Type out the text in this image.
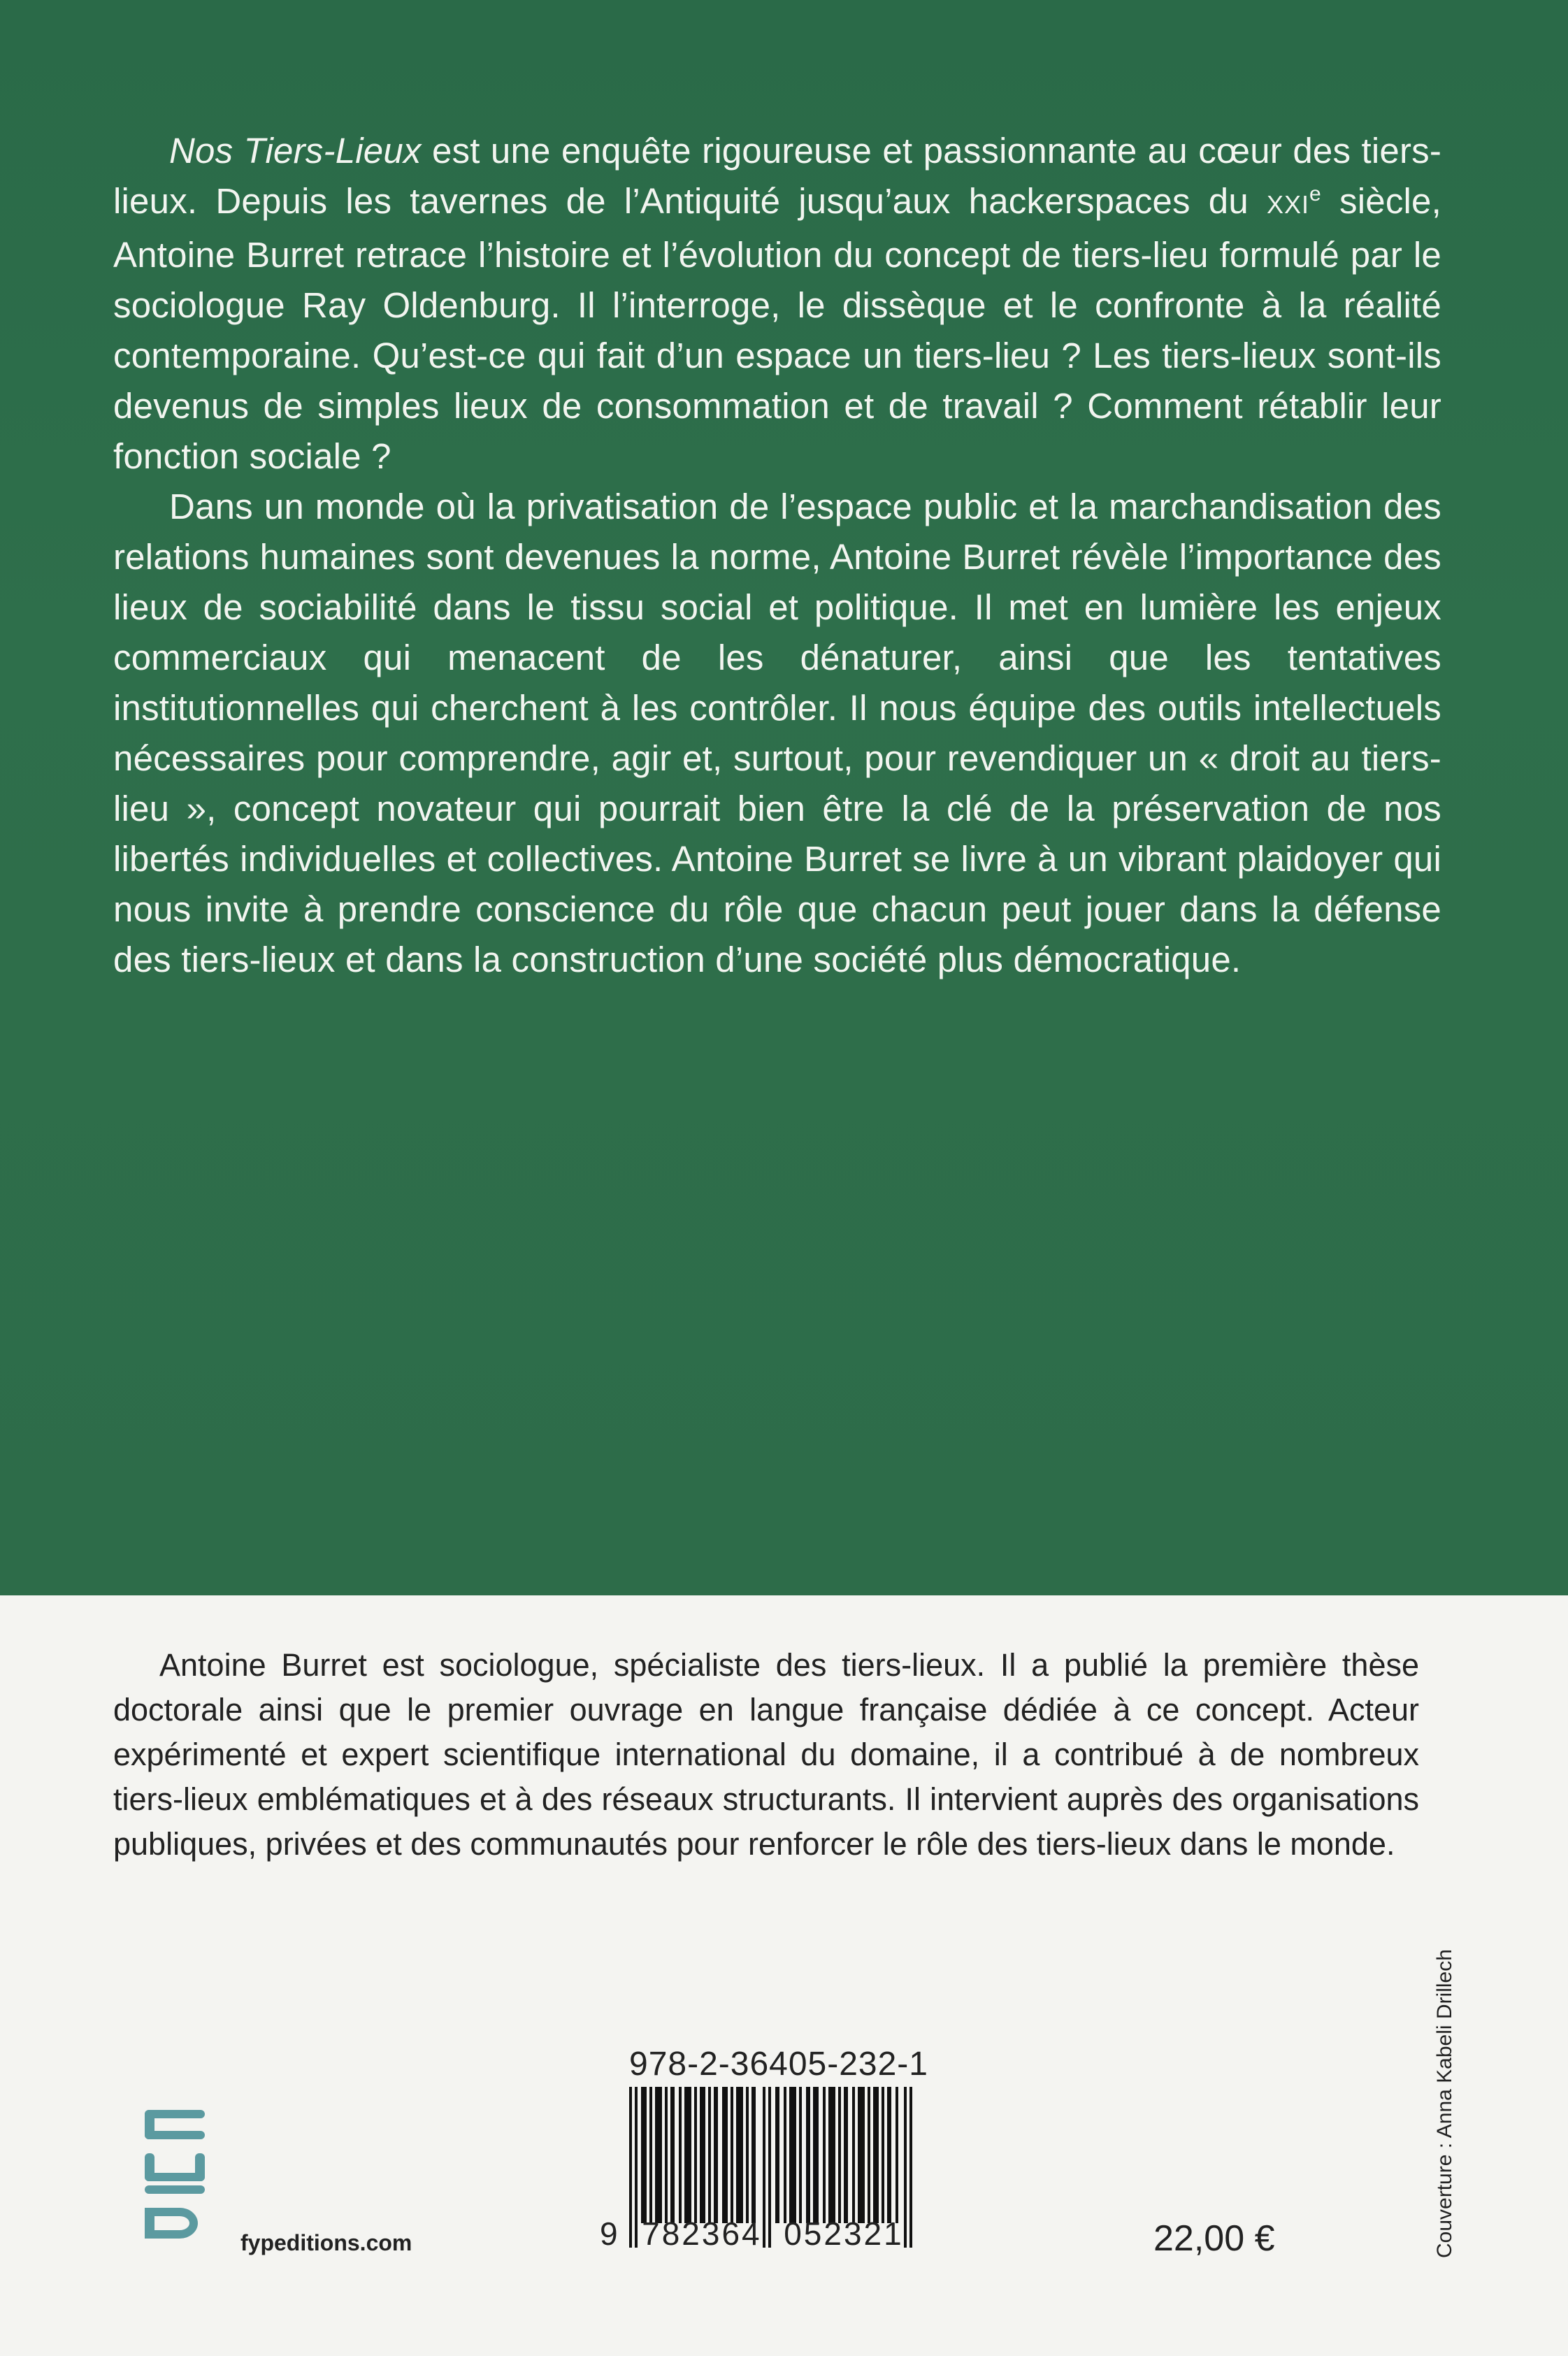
Nos Tiers-Lieux est une enquête rigoureuse et passionnante au cœur des tiers-lieux. Depuis les tavernes de l’Antiquité jusqu’aux hackerspaces du XXIe siècle, Antoine Burret retrace l’histoire et l’évolution du concept de tiers-lieu formulé par le sociologue Ray Oldenburg. Il l’interroge, le dissèque et le confronte à la réalité contemporaine. Qu’est-ce qui fait d’un espace un tiers-lieu ? Les tiers-lieux sont-ils devenus de simples lieux de consommation et de travail ? Comment rétablir leur fonction sociale ?

Dans un monde où la privatisation de l’espace public et la marchandisation des relations humaines sont devenues la norme, Antoine Burret révèle l’importance des lieux de sociabilité dans le tissu social et politique. Il met en lumière les enjeux commerciaux qui menacent de les dénaturer, ainsi que les tentatives institutionnelles qui cherchent à les contrôler. Il nous équipe des outils intellectuels nécessaires pour comprendre, agir et, surtout, pour revendiquer un « droit au tiers-lieu », concept novateur qui pourrait bien être la clé de la préservation de nos libertés individuelles et collectives. Antoine Burret se livre à un vibrant plaidoyer qui nous invite à prendre conscience du rôle que chacun peut jouer dans la défense des tiers-lieux et dans la construction d’une société plus démocratique.

Antoine Burret est sociologue, spécialiste des tiers-lieux. Il a publié la première thèse doctorale ainsi que le premier ouvrage en langue française dédiée à ce concept. Acteur expérimenté et expert scientifique international du domaine, il a contribué à de nombreux tiers-lieux emblématiques et à des réseaux structurants. Il intervient auprès des organisations publiques, privées et des communautés pour renforcer le rôle des tiers-lieux dans le monde.

Couverture : Anna Kabeli Drillech
fypeditions.com
978-2-36405-232-1
9  782364  052321	22,00 €
